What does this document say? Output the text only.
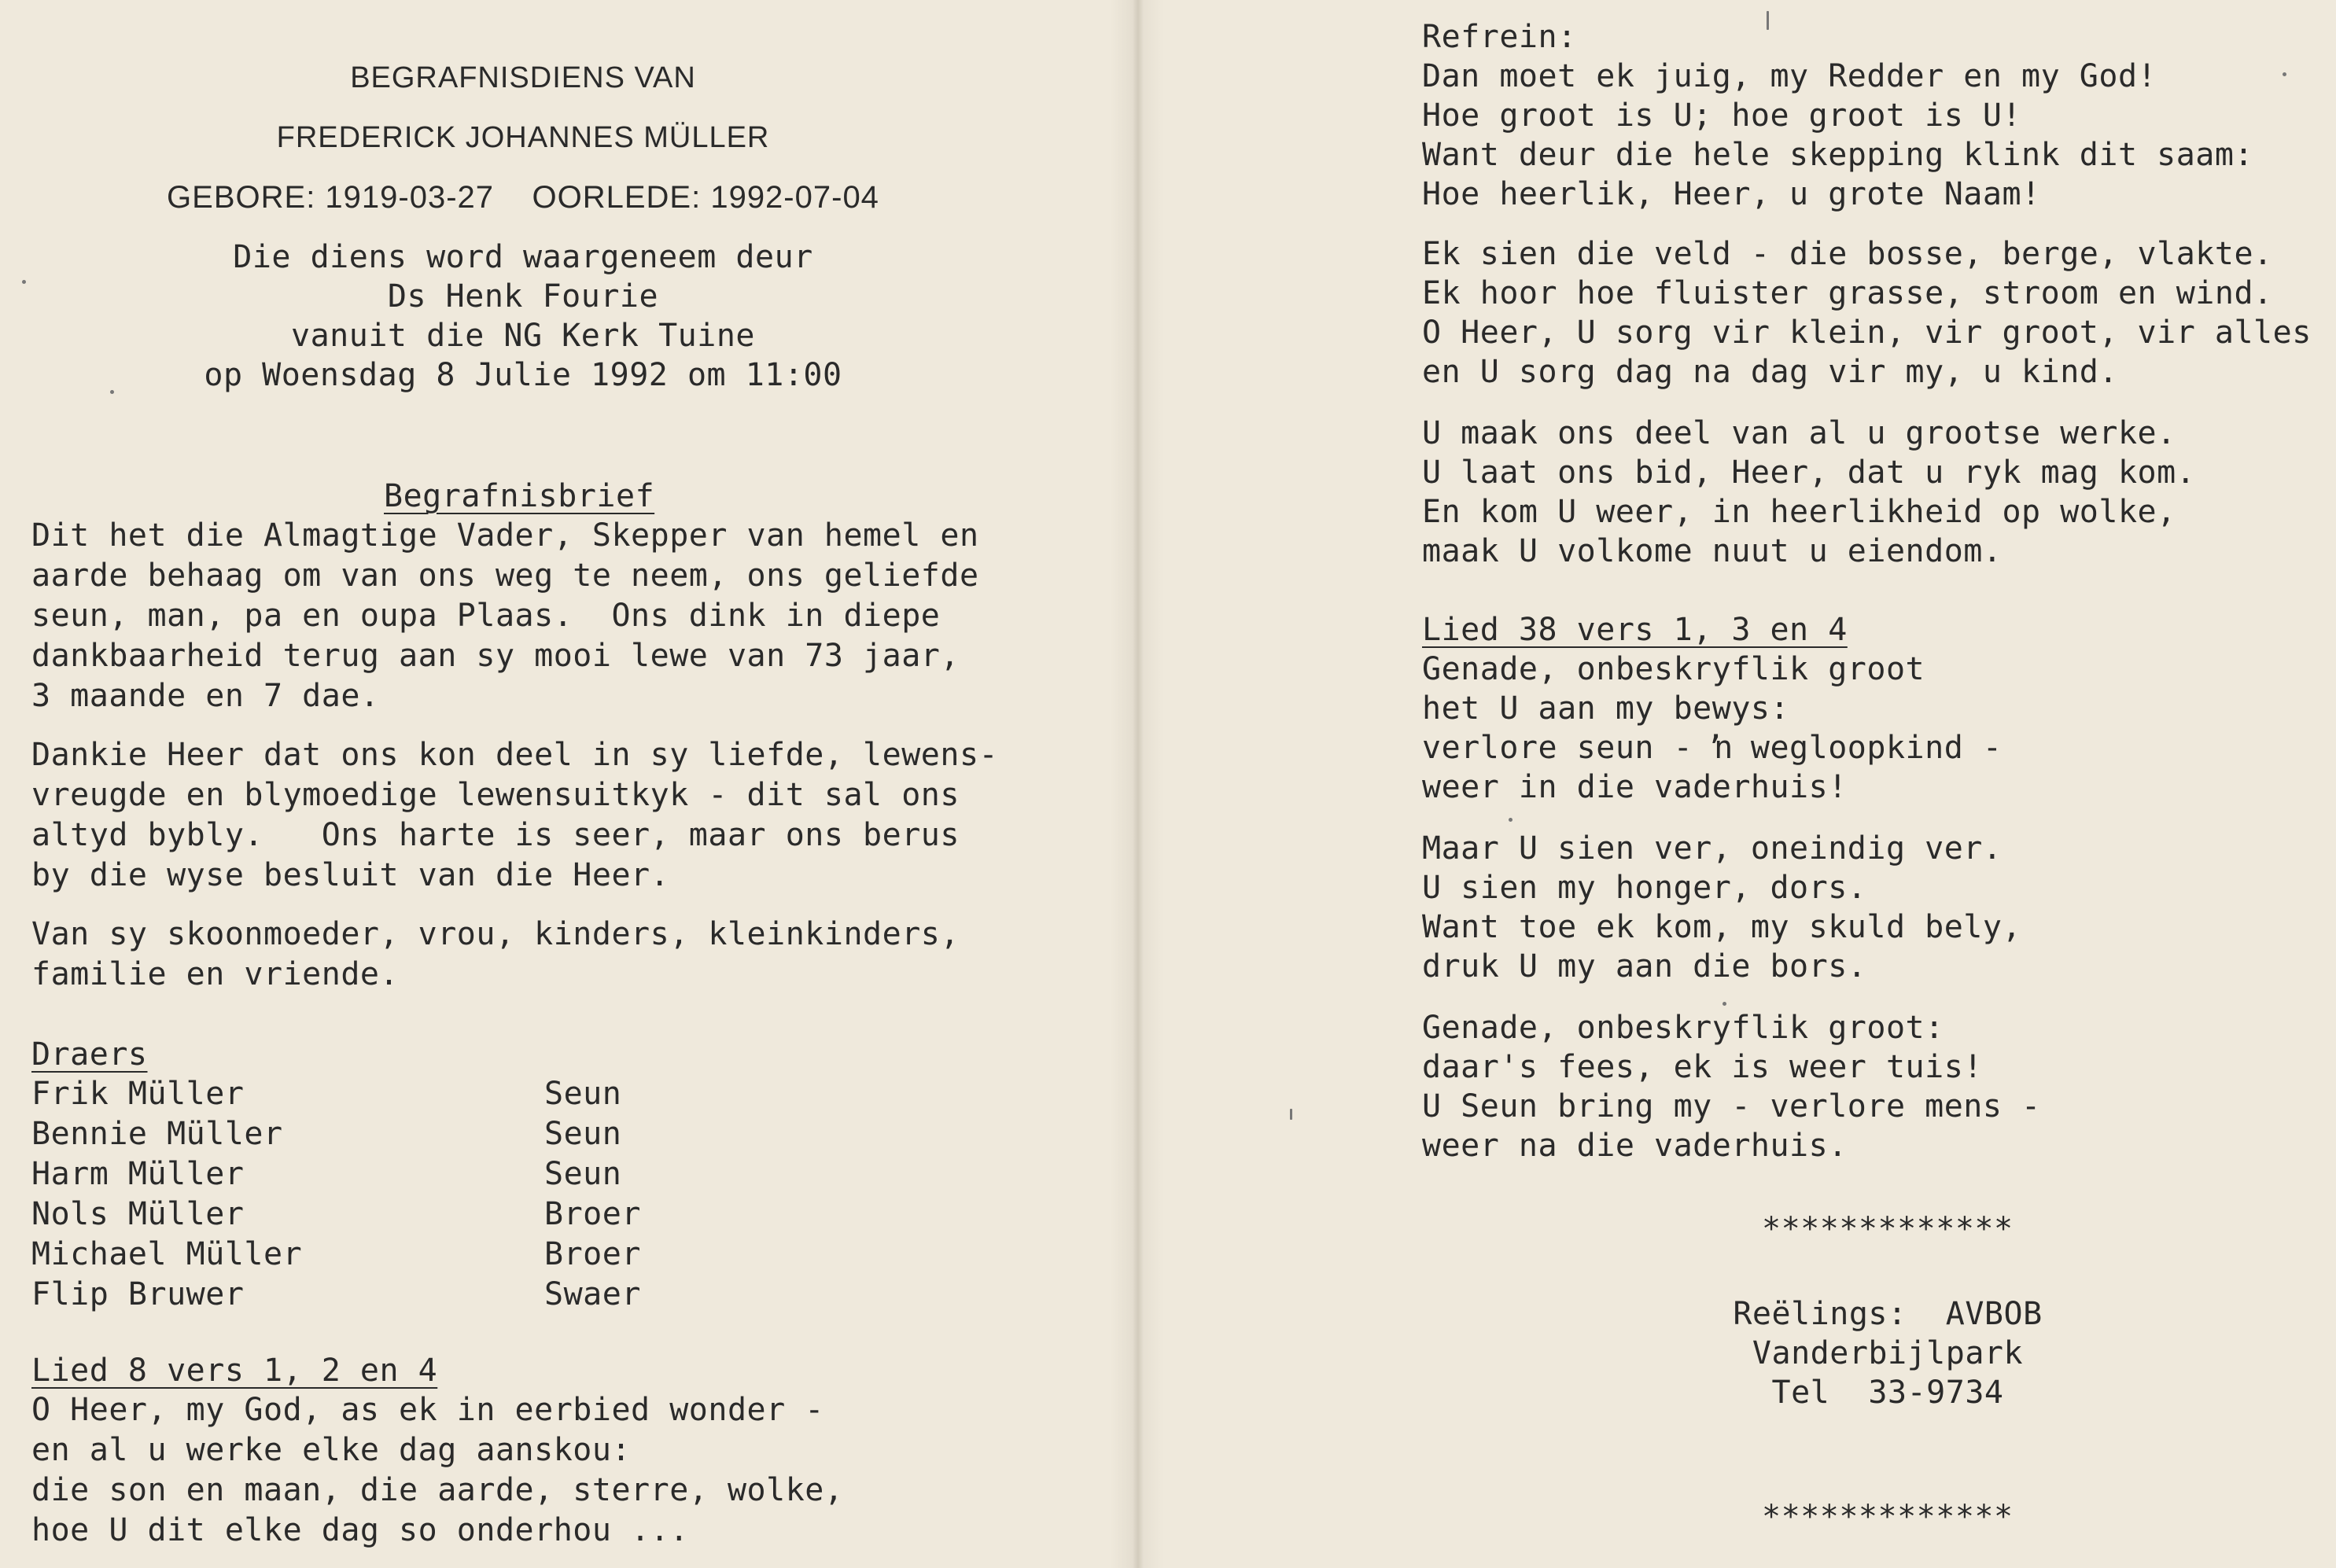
BEGRAFNISDIENS VAN
FREDERICK JOHANNES MÜLLER
GEBORE: 1919-03-27    OORLEDE: 1992-07-04
Die diens word waargeneem deur
Ds Henk Fourie
vanuit die NG Kerk Tuine
op Woensdag 8 Julie 1992 om 11:00
Begrafnisbrief
Dit het die Almagtige Vader, Skepper van hemel en
aarde behaag om van ons weg te neem, ons geliefde
seun, man, pa en oupa Plaas.  Ons dink in diepe
dankbaarheid terug aan sy mooi lewe van 73 jaar,
3 maande en 7 dae.
Dankie Heer dat ons kon deel in sy liefde, lewens-
vreugde en blymoedige lewensuitkyk - dit sal ons
altyd bybly.   Ons harte is seer, maar ons berus
by die wyse besluit van die Heer.
Van sy skoonmoeder, vrou, kinders, kleinkinders,
familie en vriende.
Draers
Frik Müller	Seun
Bennie Müller	Seun
Harm Müller	Seun
Nols Müller	Broer
Michael Müller	Broer
Flip Bruwer	Swaer
Lied 8 vers 1, 2 en 4
O Heer, my God, as ek in eerbied wonder -
en al u werke elke dag aanskou:
die son en maan, die aarde, sterre, wolke,
hoe U dit elke dag so onderhou ...
Refrein:
Dan moet ek juig, my Redder en my God!
Hoe groot is U; hoe groot is U!
Want deur die hele skepping klink dit saam:
Hoe heerlik, Heer, u grote Naam!
Ek sien die veld - die bosse, berge, vlakte.
Ek hoor hoe fluister grasse, stroom en wind.
O Heer, U sorg vir klein, vir groot, vir alles
en U sorg dag na dag vir my, u kind.
U maak ons deel van al u grootse werke.
U laat ons bid, Heer, dat u ryk mag kom.
En kom U weer, in heerlikheid op wolke,
maak U volkome nuut u eiendom.
Lied 38 vers 1, 3 en 4
Genade, onbeskryflik groot
het U aan my bewys:
verlore seun - ŉ wegloopkind -
weer in die vaderhuis!
Maar U sien ver, oneindig ver.
U sien my honger, dors.
Want toe ek kom, my skuld bely,
druk U my aan die bors.
Genade, onbeskryflik groot:
daar's fees, ek is weer tuis!
U Seun bring my - verlore mens -
weer na die vaderhuis.
*************
Reëlings:  AVBOB
Vanderbijlpark
Tel  33-9734
*************
